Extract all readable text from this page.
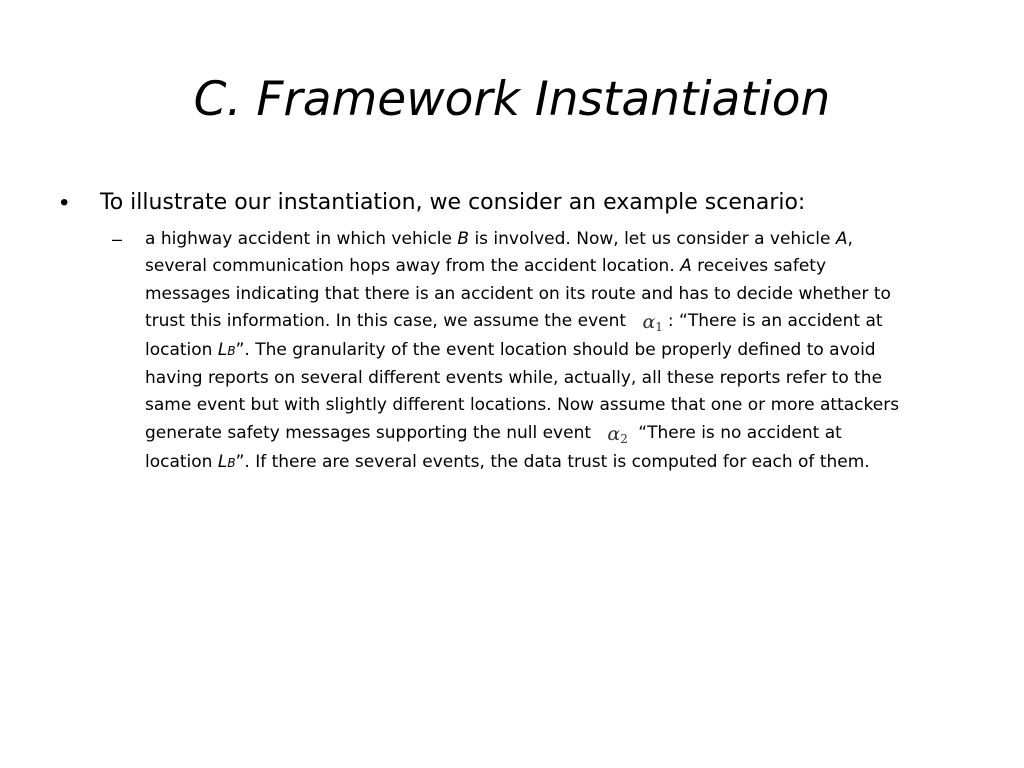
C. Framework Instantiation
•	To illustrate our instantiation, we consider an example scenario:
–	a highway accident in which vehicle B is involved. Now, let us consider a vehicle A,
several communication hops away from the accident location. A receives safety
messages indicating that there is an accident on its route and has to decide whether to
trust this information. In this case, we assume the event $\alpha_1$ : “There is an accident at
location LB”. The granularity of the event location should be properly defined to avoid
having reports on several different events while, actually, all these reports refer to the
same event but with slightly different locations. Now assume that one or more attackers
generate safety messages supporting the null event $\alpha_2$ “There is no accident at
location LB”. If there are several events, the data trust is computed for each of them.
